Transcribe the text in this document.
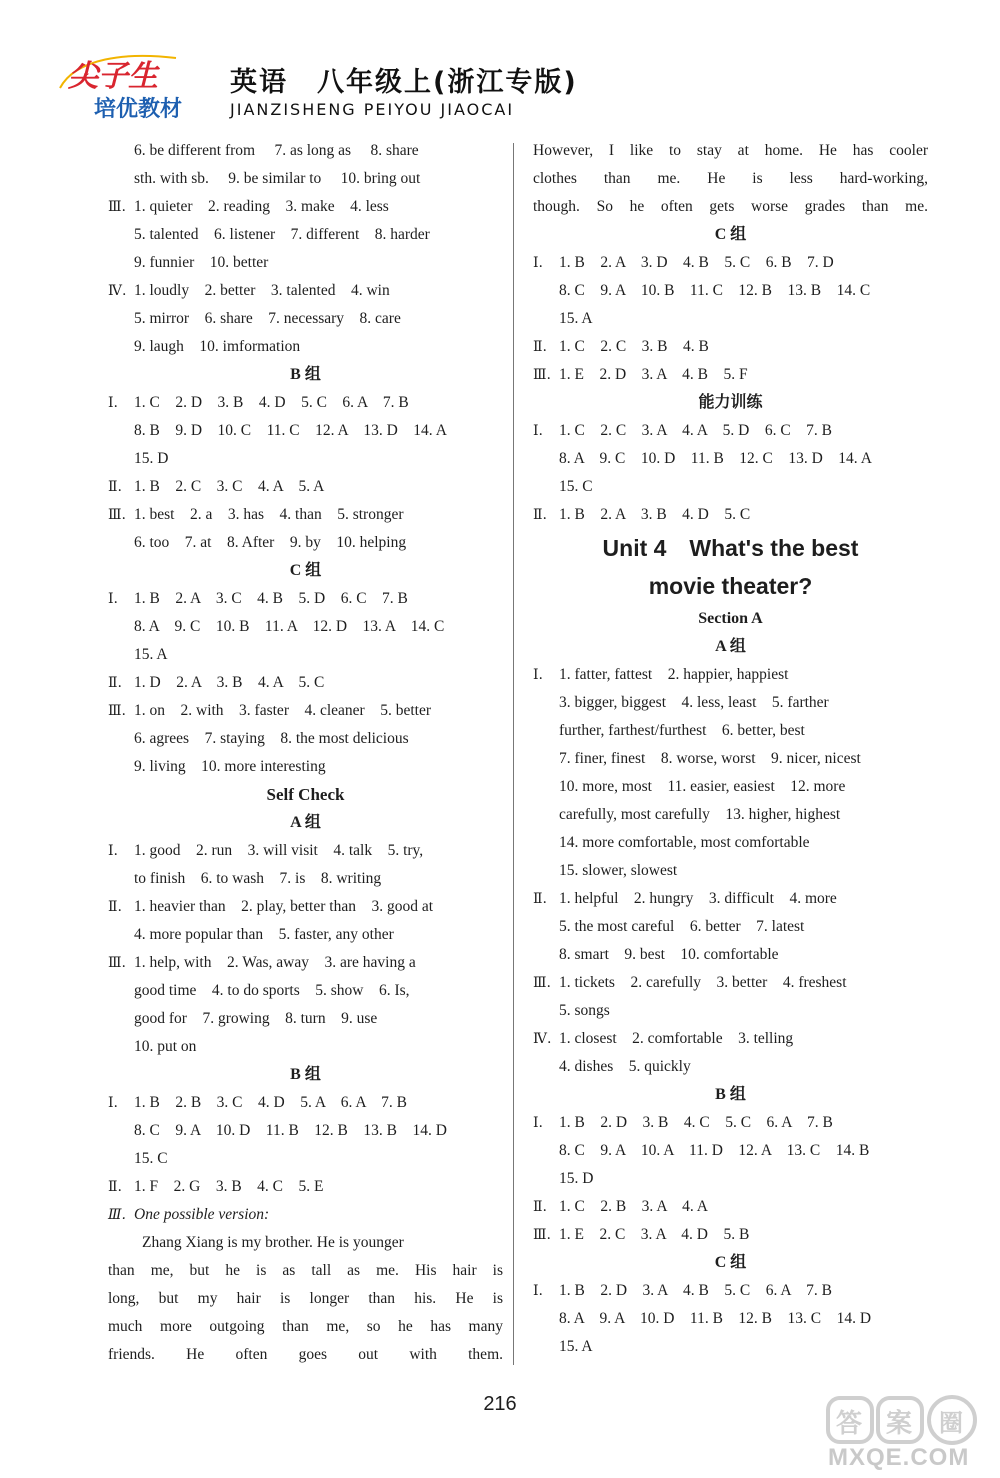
尖子生
培优教材
英语　八年级上(浙江专版)
JIANZISHENG PEIYOU JIAOCAI
6. be different from　 7. as long as　 8. share
sth. with sb.　 9. be similar to　 10. bring out
Ⅲ. 1. quieter　2. reading　3. make　4. less
5. talented　6. listener　7. different　8. harder
9. funnier　10. better
Ⅳ. 1. loudly　2. better　3. talented　4. win
5. mirror　6. share　7. necessary　8. care
9. laugh　10. imformation
B 组
Ⅰ. 1. C　2. D　3. B　4. D　5. C　6. A　7. B
8. B　9. D　10. C　11. C　12. A　13. D　14. A
15. D
Ⅱ. 1. B　2. C　3. C　4. A　5. A
Ⅲ. 1. best　2. a　3. has　4. than　5. stronger
6. too　7. at　8. After　9. by　10. helping
C 组
Ⅰ. 1. B　2. A　3. C　4. B　5. D　6. C　7. B
8. A　9. C　10. B　11. A　12. D　13. A　14. C
15. A
Ⅱ. 1. D　2. A　3. B　4. A　5. C
Ⅲ. 1. on　2. with　3. faster　4. cleaner　5. better
6. agrees　7. staying　8. the most delicious
9. living　10. more interesting
Self Check
A 组
Ⅰ. 1. good　2. run　3. will visit　4. talk　5. try,
to finish　6. to wash　7. is　8. writing
Ⅱ. 1. heavier than　2. play, better than　3. good at
4. more popular than　5. faster, any other
Ⅲ. 1. help, with　2. Was, away　3. are having a
good time　4. to do sports　5. show　6. Is,
good for　7. growing　8. turn　9. use
10. put on
B 组
Ⅰ. 1. B　2. B　3. C　4. D　5. A　6. A　7. B
8. C　9. A　10. D　11. B　12. B　13. B　14. D
15. C
Ⅱ. 1. F　2. G　3. B　4. C　5. E
Ⅲ. One possible version:
Zhang Xiang is my brother. He is younger
than me, but he is as tall as me. His hair is
long, but my hair is longer than his. He is
much more outgoing than me, so he has many
friends. He often goes out with them.
However, I like to stay at home. He has cooler
clothes than me. He is less hard-working,
though. So he often gets worse grades than me.
C 组
Ⅰ. 1. B　2. A　3. D　4. B　5. C　6. B　7. D
8. C　9. A　10. B　11. C　12. B　13. B　14. C
15. A
Ⅱ. 1. C　2. C　3. B　4. B
Ⅲ. 1. E　2. D　3. A　4. B　5. F
能力训练
Ⅰ. 1. C　2. C　3. A　4. A　5. D　6. C　7. B
8. A　9. C　10. D　11. B　12. C　13. D　14. A
15. C
Ⅱ. 1. B　2. A　3. B　4. D　5. C
Unit 4　What's the best
movie theater?
Section A
A 组
Ⅰ. 1. fatter, fattest　2. happier, happiest
3. bigger, biggest　4. less, least　5. farther
further, farthest/furthest　6. better, best
7. finer, finest　8. worse, worst　9. nicer, nicest
10. more, most　11. easier, easiest　12. more
carefully, most carefully　13. higher, highest
14. more comfortable, most comfortable
15. slower, slowest
Ⅱ. 1. helpful　2. hungry　3. difficult　4. more
5. the most careful　6. better　7. latest
8. smart　9. best　10. comfortable
Ⅲ. 1. tickets　2. carefully　3. better　4. freshest
5. songs
Ⅳ. 1. closest　2. comfortable　3. telling
4. dishes　5. quickly
B 组
Ⅰ. 1. B　2. D　3. B　4. C　5. C　6. A　7. B
8. C　9. A　10. A　11. D　12. A　13. C　14. B
15. D
Ⅱ. 1. C　2. B　3. A　4. A
Ⅲ. 1. E　2. C　3. A　4. D　5. B
C 组
Ⅰ. 1. B　2. D　3. A　4. B　5. C　6. A　7. B
8. A　9. A　10. D　11. B　12. B　13. C　14. D
15. A
216
答 案 圈
MXQE.COM
